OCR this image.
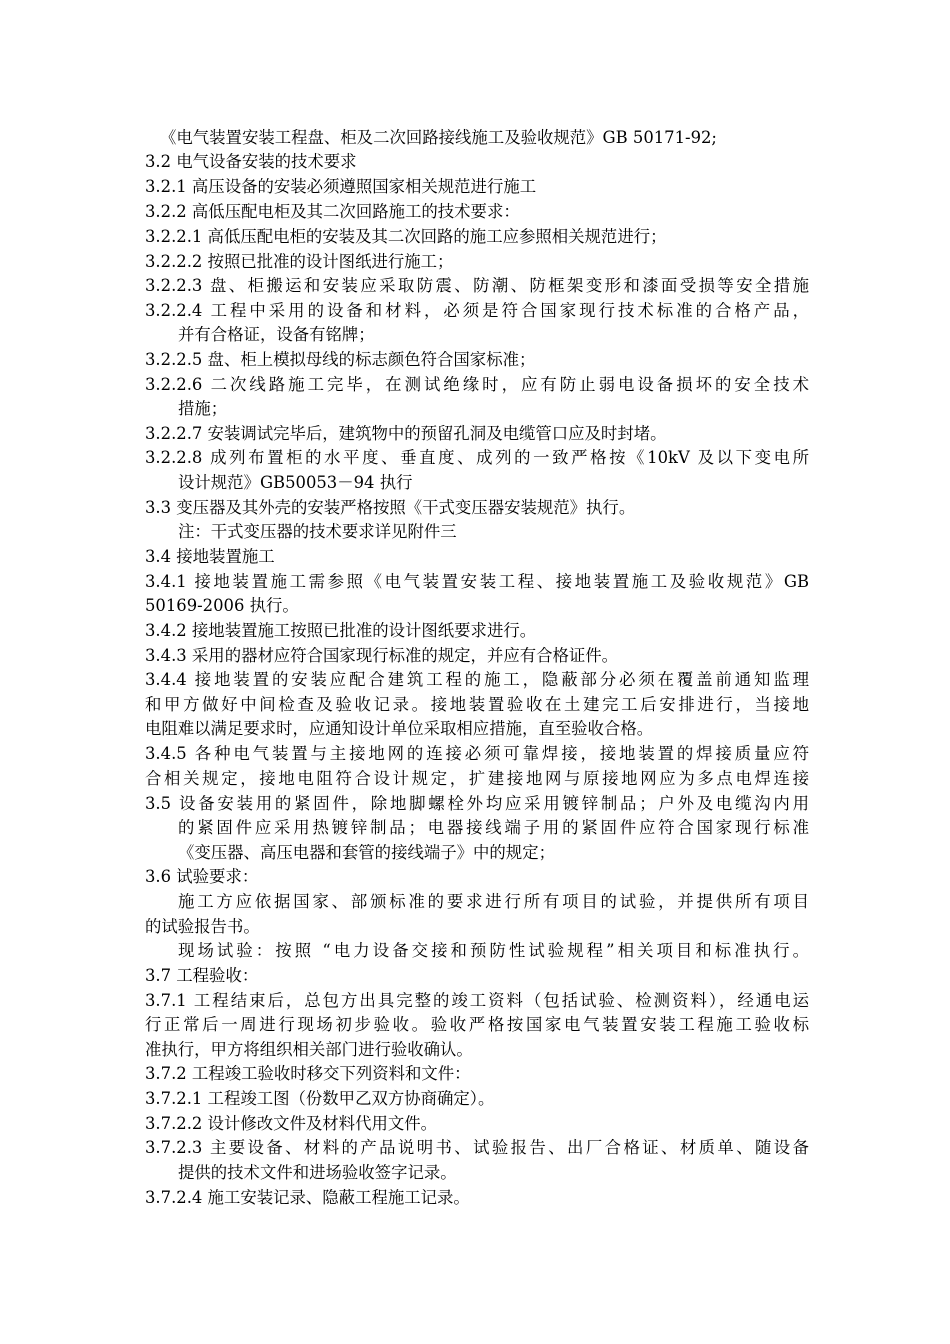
《电气装置安装工程盘、柜及二次回路接线施工及验收规范》GB 50171-92;
3.2 电气设备安装的技术要求
3.2.1 高压设备的安装必须遵照国家相关规范进行施工
3.2.2 高低压配电柜及其二次回路施工的技术要求：
3.2.2.1 高低压配电柜的安装及其二次回路的施工应参照相关规范进行；
3.2.2.2 按照已批准的设计图纸进行施工；
3.2.2.3 盘、柜搬运和安装应采取防震、防潮、防框架变形和漆面受损等安全措施
3.2.2.4 工程中采用的设备和材料，必须是符合国家现行技术标准的合格产品，
并有合格证，设备有铭牌；
3.2.2.5 盘、柜上模拟母线的标志颜色符合国家标准；
3.2.2.6 二次线路施工完毕，在测试绝缘时，应有防止弱电设备损坏的安全技术
措施；
3.2.2.7 安装调试完毕后，建筑物中的预留孔洞及电缆管口应及时封堵。
3.2.2.8 成列布置柜的水平度、垂直度、成列的一致严格按《10kV 及以下变电所
设计规范》GB50053－94 执行
3.3 变压器及其外壳的安装严格按照《干式变压器安装规范》执行。
注：干式变压器的技术要求详见附件三
3.4 接地装置施工
3.4.1 接地装置施工需参照《电气装置安装工程、接地装置施工及验收规范》GB
50169-2006 执行。
3.4.2 接地装置施工按照已批准的设计图纸要求进行。
3.4.3 采用的器材应符合国家现行标准的规定，并应有合格证件。
3.4.4 接地装置的安装应配合建筑工程的施工，隐蔽部分必须在覆盖前通知监理
和甲方做好中间检查及验收记录。接地装置验收在土建完工后安排进行，当接地
电阻难以满足要求时，应通知设计单位采取相应措施，直至验收合格。
3.4.5 各种电气装置与主接地网的连接必须可靠焊接，接地装置的焊接质量应符
合相关规定，接地电阻符合设计规定，扩建接地网与原接地网应为多点电焊连接
3.5 设备安装用的紧固件，除地脚螺栓外均应采用镀锌制品；户外及电缆沟内用
的紧固件应采用热镀锌制品；电器接线端子用的紧固件应符合国家现行标准
《变压器、高压电器和套管的接线端子》中的规定；
3.6 试验要求：
施工方应依据国家、部颁标准的要求进行所有项目的试验，并提供所有项目
的试验报告书。
现场试验：按照 “电力设备交接和预防性试验规程”相关项目和标准执行。
3.7 工程验收：
3.7.1 工程结束后，总包方出具完整的竣工资料（包括试验、检测资料），经通电运
行正常后一周进行现场初步验收。验收严格按国家电气装置安装工程施工验收标
准执行，甲方将组织相关部门进行验收确认。
3.7.2 工程竣工验收时移交下列资料和文件：
3.7.2.1 工程竣工图（份数甲乙双方协商确定）。
3.7.2.2 设计修改文件及材料代用文件。
3.7.2.3 主要设备、材料的产品说明书、试验报告、出厂合格证、材质单、随设备
提供的技术文件和进场验收签字记录。
3.7.2.4 施工安装记录、隐蔽工程施工记录。
